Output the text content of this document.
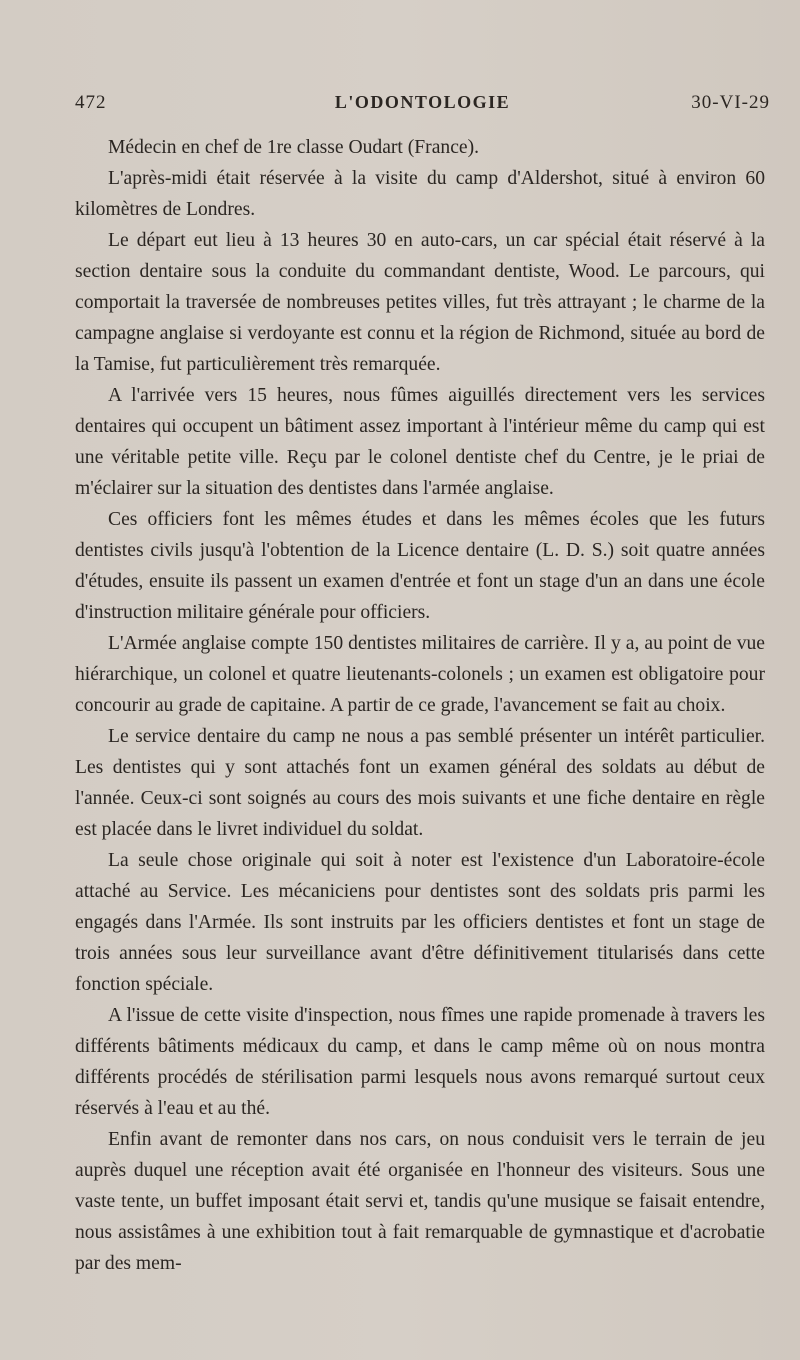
472	L'ODONTOLOGIE	30-VI-29

Médecin en chef de 1re classe Oudart (France).

L'après-midi était réservée à la visite du camp d'Aldershot, situé à environ 60 kilomètres de Londres.

Le départ eut lieu à 13 heures 30 en auto-cars, un car spécial était réservé à la section dentaire sous la conduite du commandant dentiste, Wood. Le parcours, qui comportait la traversée de nombreuses petites villes, fut très attrayant ; le charme de la campagne anglaise si verdoyante est connu et la région de Richmond, située au bord de la Tamise, fut particulièrement très remarquée.

A l'arrivée vers 15 heures, nous fûmes aiguillés directement vers les services dentaires qui occupent un bâtiment assez important à l'intérieur même du camp qui est une véritable petite ville. Reçu par le colonel dentiste chef du Centre, je le priai de m'éclairer sur la situation des dentistes dans l'armée anglaise.

Ces officiers font les mêmes études et dans les mêmes écoles que les futurs dentistes civils jusqu'à l'obtention de la Licence dentaire (L. D. S.) soit quatre années d'études, ensuite ils passent un examen d'entrée et font un stage d'un an dans une école d'instruction militaire générale pour officiers.

L'Armée anglaise compte 150 dentistes militaires de carrière. Il y a, au point de vue hiérarchique, un colonel et quatre lieutenants-colonels ; un examen est obligatoire pour concourir au grade de capitaine. A partir de ce grade, l'avancement se fait au choix.

Le service dentaire du camp ne nous a pas semblé présenter un intérêt particulier. Les dentistes qui y sont attachés font un examen général des soldats au début de l'année. Ceux-ci sont soignés au cours des mois suivants et une fiche dentaire en règle est placée dans le livret individuel du soldat.

La seule chose originale qui soit à noter est l'existence d'un Laboratoire-école attaché au Service. Les mécaniciens pour dentistes sont des soldats pris parmi les engagés dans l'Armée. Ils sont instruits par les officiers dentistes et font un stage de trois années sous leur surveillance avant d'être définitivement titularisés dans cette fonction spéciale.

A l'issue de cette visite d'inspection, nous fîmes une rapide promenade à travers les différents bâtiments médicaux du camp, et dans le camp même où on nous montra différents procédés de stérilisation parmi lesquels nous avons remarqué surtout ceux réservés à l'eau et au thé.

Enfin avant de remonter dans nos cars, on nous conduisit vers le terrain de jeu auprès duquel une réception avait été organisée en l'honneur des visiteurs. Sous une vaste tente, un buffet imposant était servi et, tandis qu'une musique se faisait entendre, nous assistâmes à une exhibition tout à fait remarquable de gymnastique et d'acrobatie par des mem-
